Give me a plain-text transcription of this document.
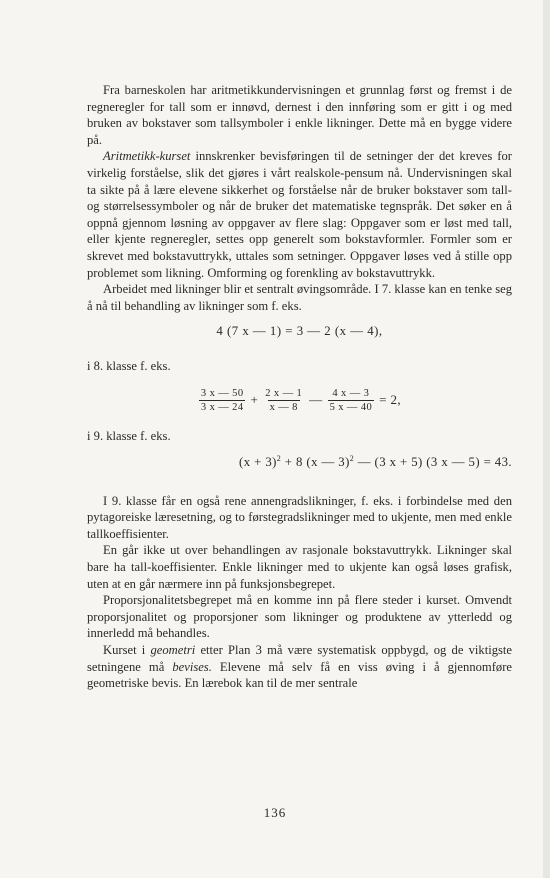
Fra barneskolen har aritmetikkundervisningen et grunnlag først og fremst i de regneregler for tall som er innøvd, dernest i den innføring som er gitt i og med bruken av bokstaver som tallsymboler i enkle likninger. Dette må en bygge videre på.

Aritmetikk-kurset innskrenker bevisføringen til de setninger der det kreves for virkelig forståelse, slik det gjøres i vårt realskole-pensum nå. Undervisningen skal ta sikte på å lære elevene sikkerhet og forståelse når de bruker bokstaver som tall- og størrelsessymboler og når de bruker det matematiske tegnspråk. Det søker en å oppnå gjennom løsning av oppgaver av flere slag: Oppgaver som er løst med tall, eller kjente regneregler, settes opp generelt som bokstavformler. Formler som er skrevet med bokstavuttrykk, uttales som setninger. Oppgaver løses ved å stille opp problemet som likning. Omforming og forenkling av bokstavuttrykk.

Arbeidet med likninger blir et sentralt øvingsområde. I 7. klasse kan en tenke seg å nå til behandling av likninger som f. eks.

4 (7 x — 1) = 3 — 2 (x — 4),

i 8. klasse f. eks.

$\frac{3 x — 50}{3 x — 24} + \frac{2 x — 1}{x — 8}$ — $\frac{4 x — 3}{5 x — 40} = 2$,

i 9. klasse f. eks.

$(x + 3)^2 + 8$ (x — 3)$^2$ — (3 x + 5) (3 x — 5) = 43.

I 9. klasse får en også rene annengradslikninger, f. eks. i forbindelse med den pytagoreiske læresetning, og to førstegradslikninger med to ukjente, men med enkle tallkoeffisienter.

En går ikke ut over behandlingen av rasjonale bokstavuttrykk. Likninger skal bare ha tall-koeffisienter. Enkle likninger med to ukjente kan også løses grafisk, uten at en går nærmere inn på funksjonsbegrepet.

Proporsjonalitetsbegrepet må en komme inn på flere steder i kurset. Omvendt proporsjonalitet og proporsjoner som likninger og produktene av ytterledd og innerledd må behandles.

Kurset i geometri etter Plan 3 må være systematisk oppbygd, og de viktigste setningene må bevises. Elevene må selv få en viss øving i å gjennomføre geometriske bevis. En lærebok kan til de mer sentrale

136
